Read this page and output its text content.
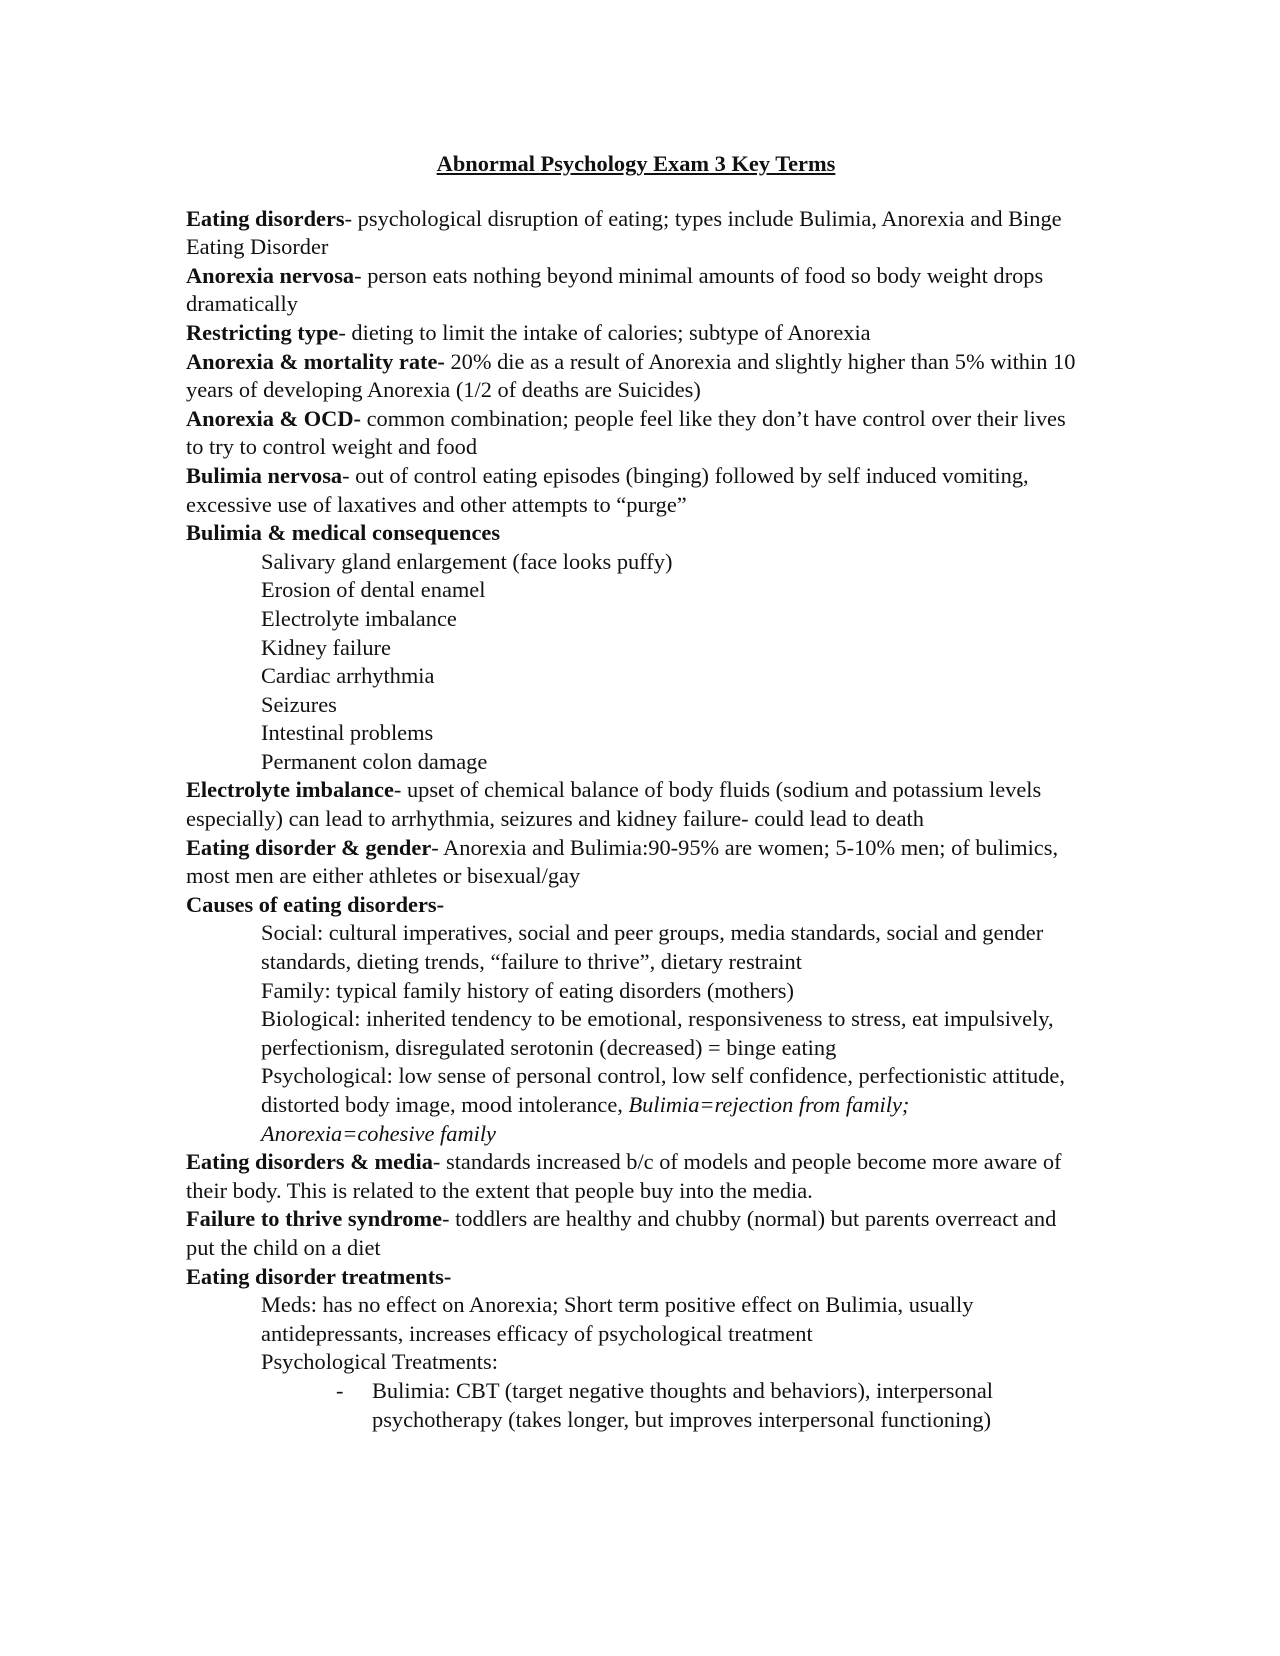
Abnormal Psychology Exam 3 Key Terms

Eating disorders- psychological disruption of eating; types include Bulimia, Anorexia and Binge Eating Disorder

Anorexia nervosa- person eats nothing beyond minimal amounts of food so body weight drops dramatically

Restricting type- dieting to limit the intake of calories; subtype of Anorexia

Anorexia & mortality rate- 20% die as a result of Anorexia and slightly higher than 5% within 10 years of developing Anorexia (1/2 of deaths are Suicides)

Anorexia & OCD- common combination; people feel like they don’t have control over their lives to try to control weight and food

Bulimia nervosa- out of control eating episodes (binging) followed by self induced vomiting, excessive use of laxatives and other attempts to “purge”

Bulimia & medical consequences

Salivary gland enlargement (face looks puffy)
Erosion of dental enamel
Electrolyte imbalance
Kidney failure
Cardiac arrhythmia
Seizures
Intestinal problems
Permanent colon damage

Electrolyte imbalance- upset of chemical balance of body fluids (sodium and potassium levels especially) can lead to arrhythmia, seizures and kidney failure- could lead to death

Eating disorder & gender- Anorexia and Bulimia:90-95% are women; 5-10% men; of bulimics, most men are either athletes or bisexual/gay

Causes of eating disorders-

Social: cultural imperatives, social and peer groups, media standards, social and gender standards, dieting trends, “failure to thrive”, dietary restraint
Family: typical family history of eating disorders (mothers)
Biological: inherited tendency to be emotional, responsiveness to stress, eat impulsively, perfectionism, disregulated serotonin (decreased) = binge eating
Psychological: low sense of personal control, low self confidence, perfectionistic attitude, distorted body image, mood intolerance, Bulimia=rejection from family; Anorexia=cohesive family

Eating disorders & media- standards increased b/c of models and people become more aware of their body. This is related to the extent that people buy into the media.

Failure to thrive syndrome- toddlers are healthy and chubby (normal) but parents overreact and put the child on a diet

Eating disorder treatments-

Meds: has no effect on Anorexia; Short term positive effect on Bulimia, usually antidepressants, increases efficacy of psychological treatment
Psychological Treatments:
- Bulimia: CBT (target negative thoughts and behaviors), interpersonal psychotherapy (takes longer, but improves interpersonal functioning)
